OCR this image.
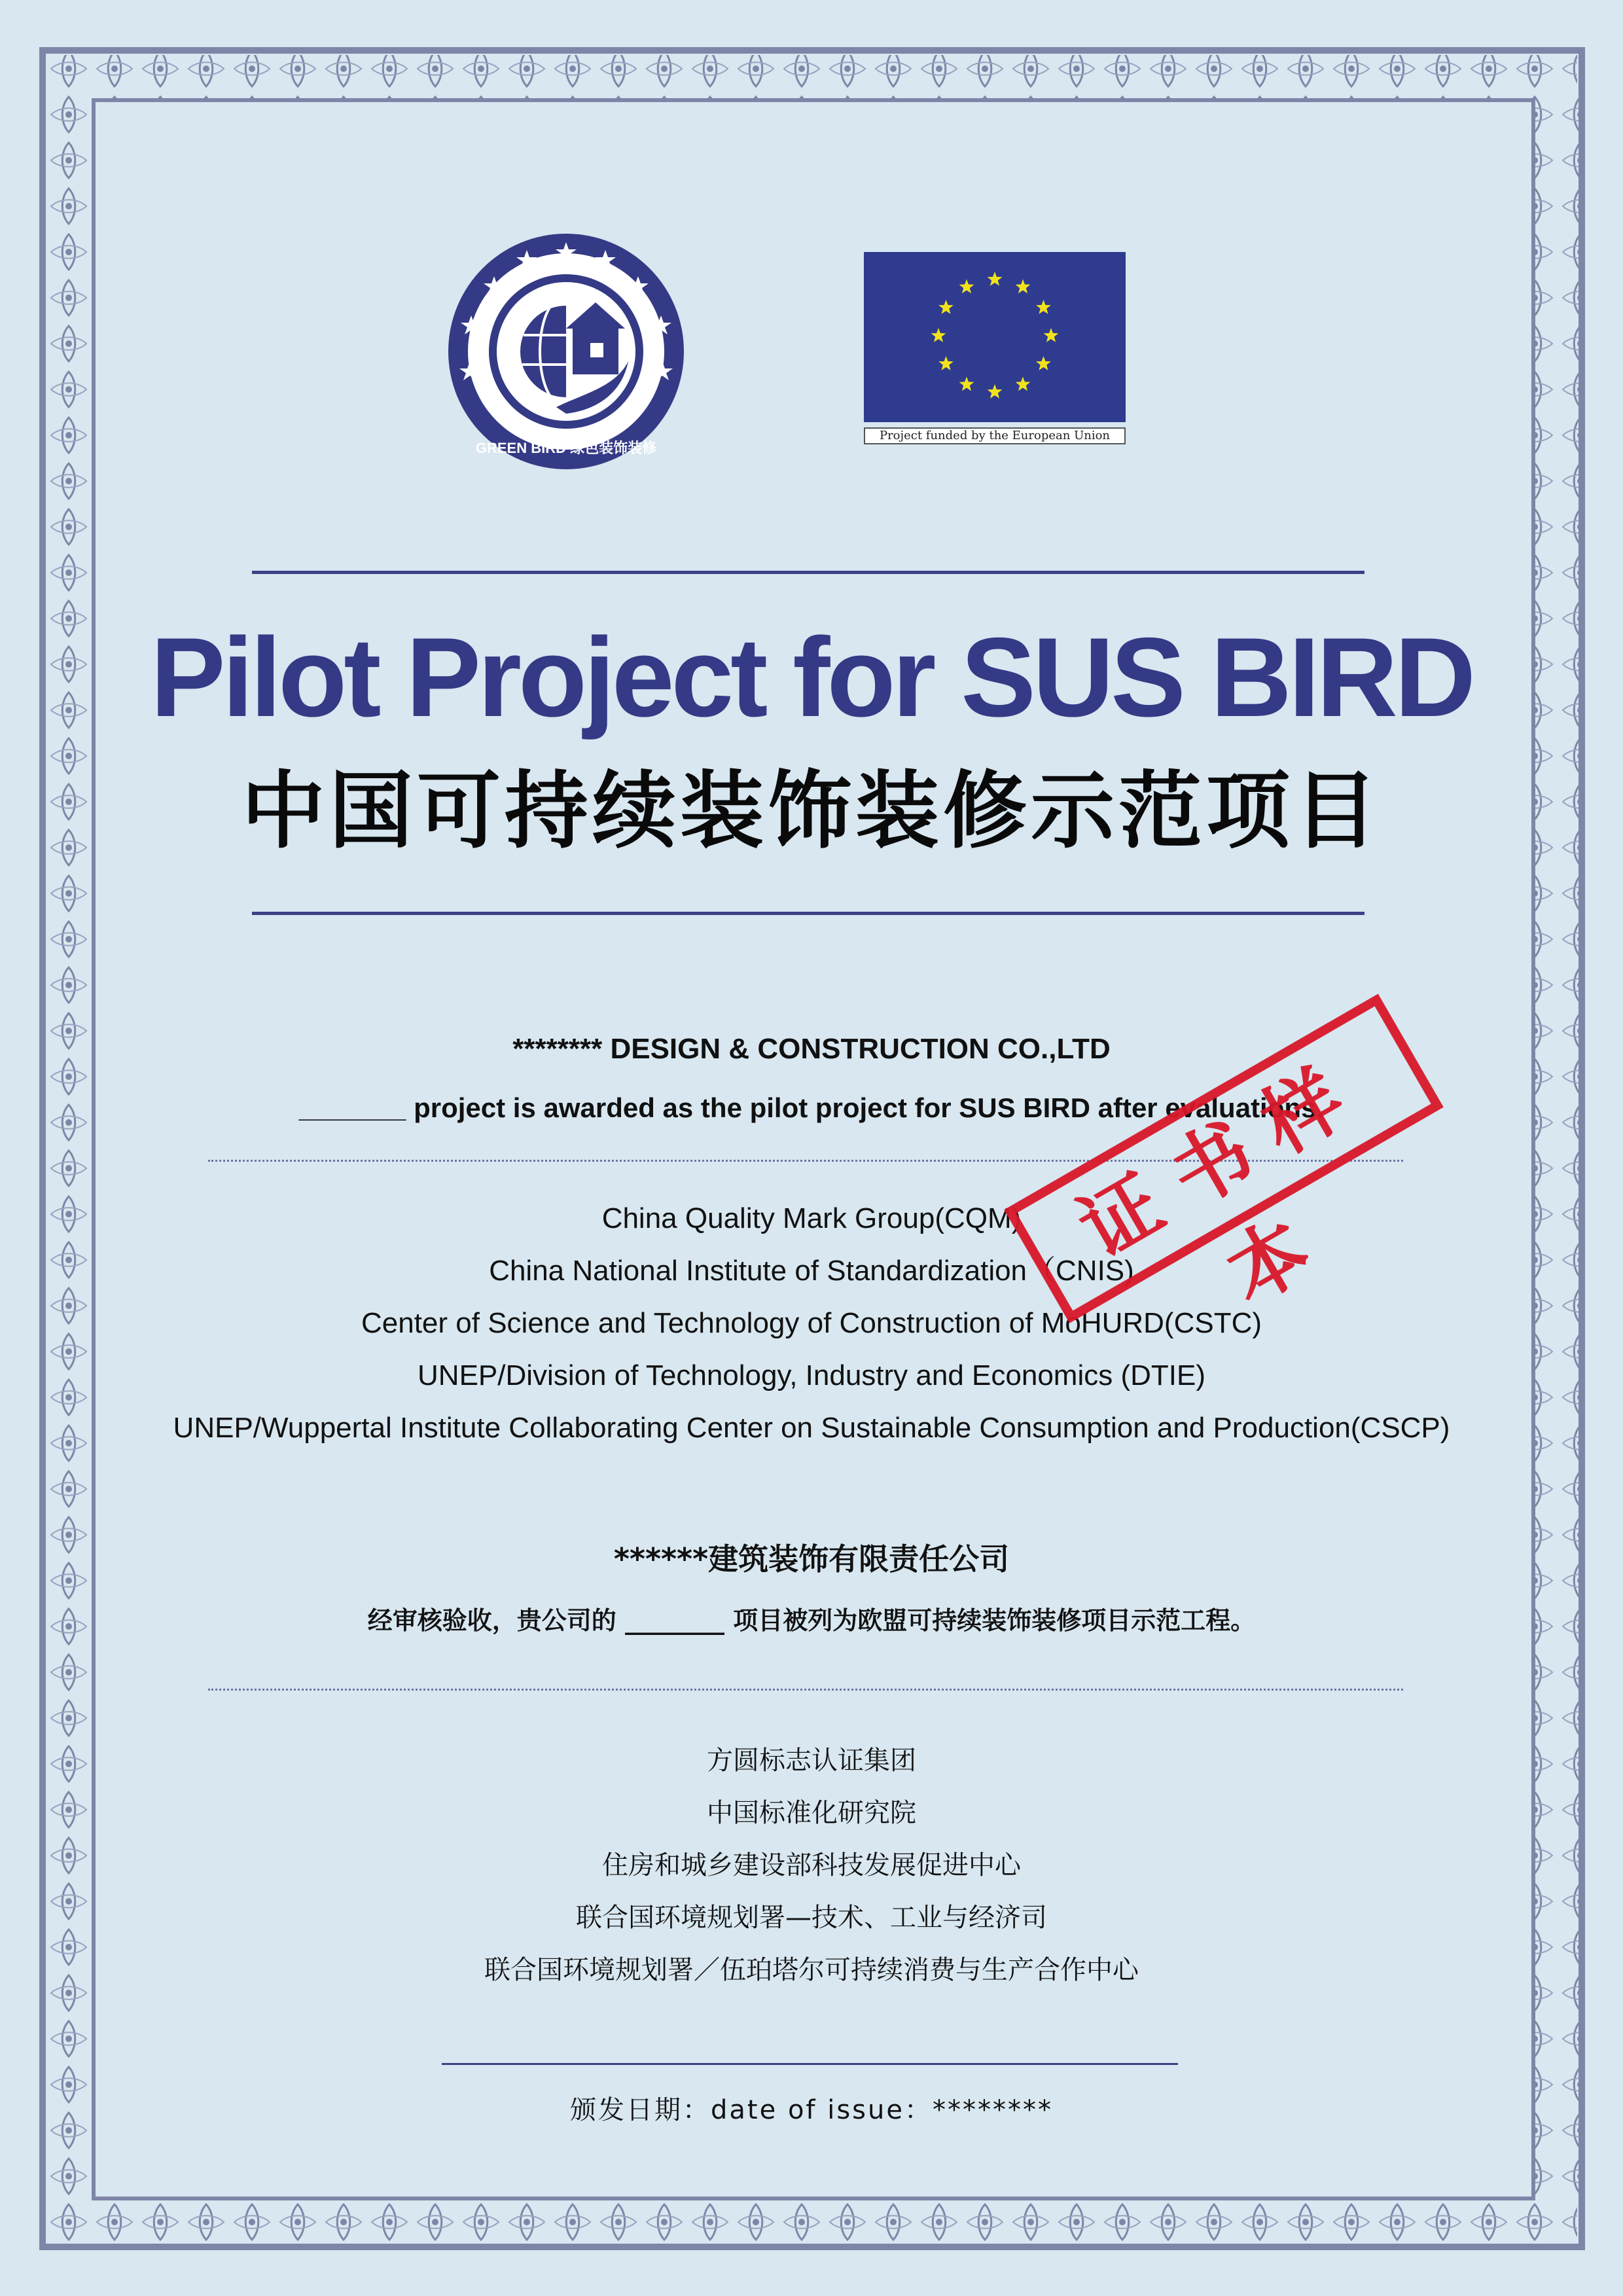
GREEN BIRD 绿色装饰装修
Project funded by the European Union
Pilot Project for SUS BIRD
中国可持续装饰装修示范项目
******** DESIGN & CONSTRUCTION CO.,LTD
_______ project is awarded as the pilot project for SUS BIRD after evaluations.
China Quality Mark Group(CQM)
China National Institute of Standardization（CNIS)
Center of Science and Technology of Construction of MoHURD(CSTC)
UNEP/Division of Technology, Industry and Economics (DTIE)
UNEP/Wuppertal Institute Collaborating Center on Sustainable Consumption and Production(CSCP)
******建筑装饰有限责任公司
经审核验收，贵公司的 ________ 项目被列为欧盟可持续装饰装修项目示范工程。
方圆标志认证集团
中国标准化研究院
住房和城乡建设部科技发展促进中心
联合国环境规划署—技术、工业与经济司
联合国环境规划署／伍珀塔尔可持续消费与生产合作中心
颁发日期：date of issue：********
证书样本
